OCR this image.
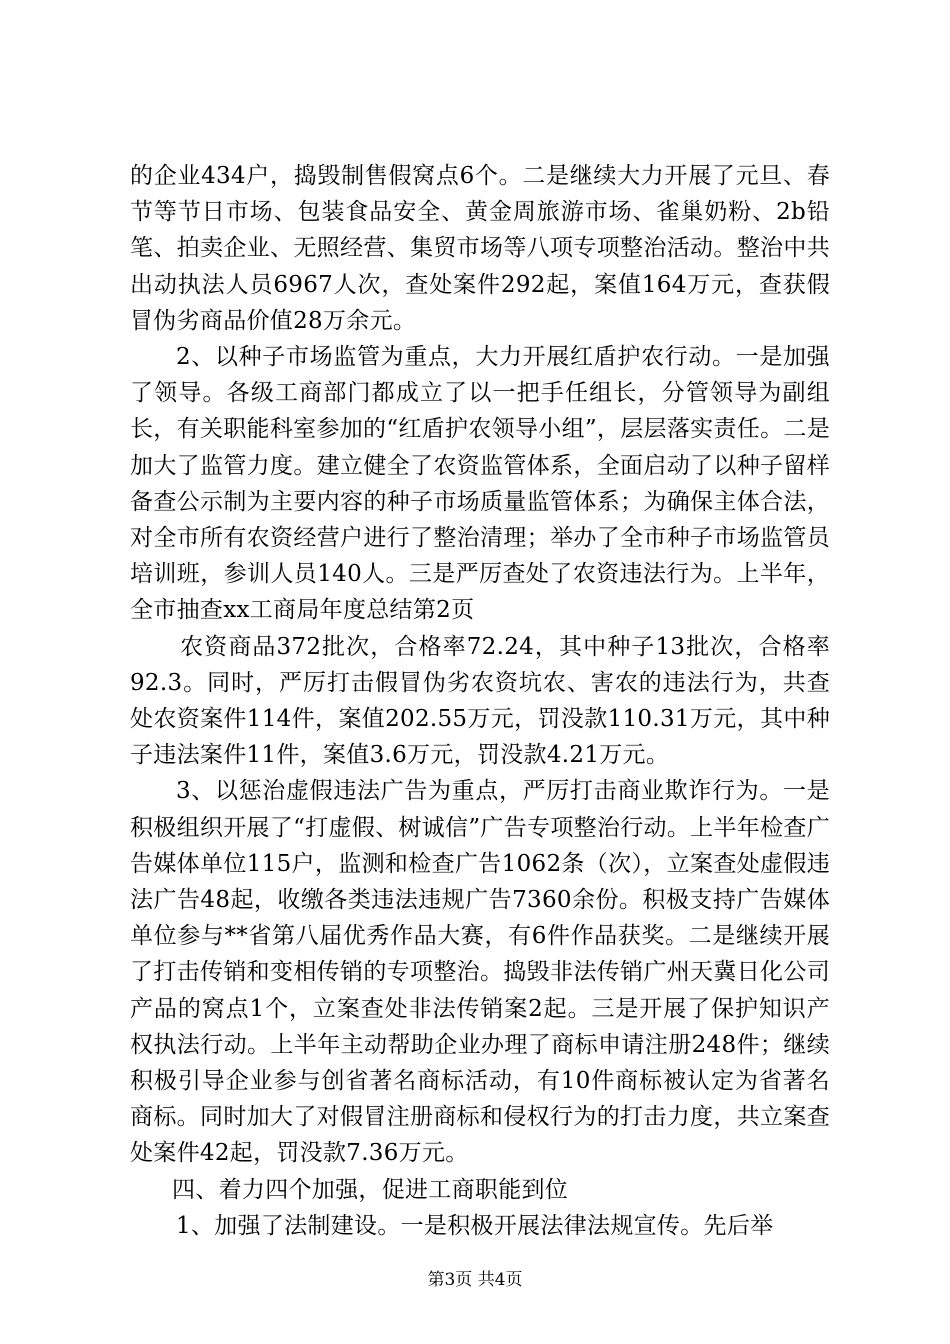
的企业434户，捣毁制售假窝点6个。二是继续大力开展了元旦、春节等节日市场、包装食品安全、黄金周旅游市场、雀巢奶粉、2b铅笔、拍卖企业、无照经营、集贸市场等八项专项整治活动。整治中共出动执法人员6967人次，查处案件292起，案值164万元，查获假冒伪劣商品价值28万余元。

2、以种子市场监管为重点，大力开展红盾护农行动。一是加强了领导。各级工商部门都成立了以一把手任组长，分管领导为副组长，有关职能科室参加的“红盾护农领导小组”，层层落实责任。二是加大了监管力度。建立健全了农资监管体系，全面启动了以种子留样备查公示制为主要内容的种子市场质量监管体系；为确保主体合法，对全市所有农资经营户进行了整治清理；举办了全市种子市场监管员培训班，参训人员140人。三是严厉查处了农资违法行为。上半年，全市抽查xx工商局年度总结第2页

农资商品372批次，合格率72.24，其中种子13批次，合格率92.3。同时，严厉打击假冒伪劣农资坑农、害农的违法行为，共查处农资案件114件，案值202.55万元，罚没款110.31万元，其中种子违法案件11件，案值3.6万元，罚没款4.21万元。

3、以惩治虚假违法广告为重点，严厉打击商业欺诈行为。一是积极组织开展了“打虚假、树诚信”广告专项整治行动。上半年检查广告媒体单位115户，监测和检查广告1062条（次），立案查处虚假违法广告48起，收缴各类违法违规广告7360余份。积极支持广告媒体单位参与**省第八届优秀作品大赛，有6件作品获奖。二是继续开展了打击传销和变相传销的专项整治。捣毁非法传销广州天冀日化公司产品的窝点1个，立案查处非法传销案2起。三是开展了保护知识产权执法行动。上半年主动帮助企业办理了商标申请注册248件；继续积极引导企业参与创省著名商标活动，有10件商标被认定为省著名商标。同时加大了对假冒注册商标和侵权行为的打击力度，共立案查处案件42起，罚没款7.36万元。

四、着力四个加强，促进工商职能到位

1、加强了法制建设。一是积极开展法律法规宣传。先后举

第3页 共4页
